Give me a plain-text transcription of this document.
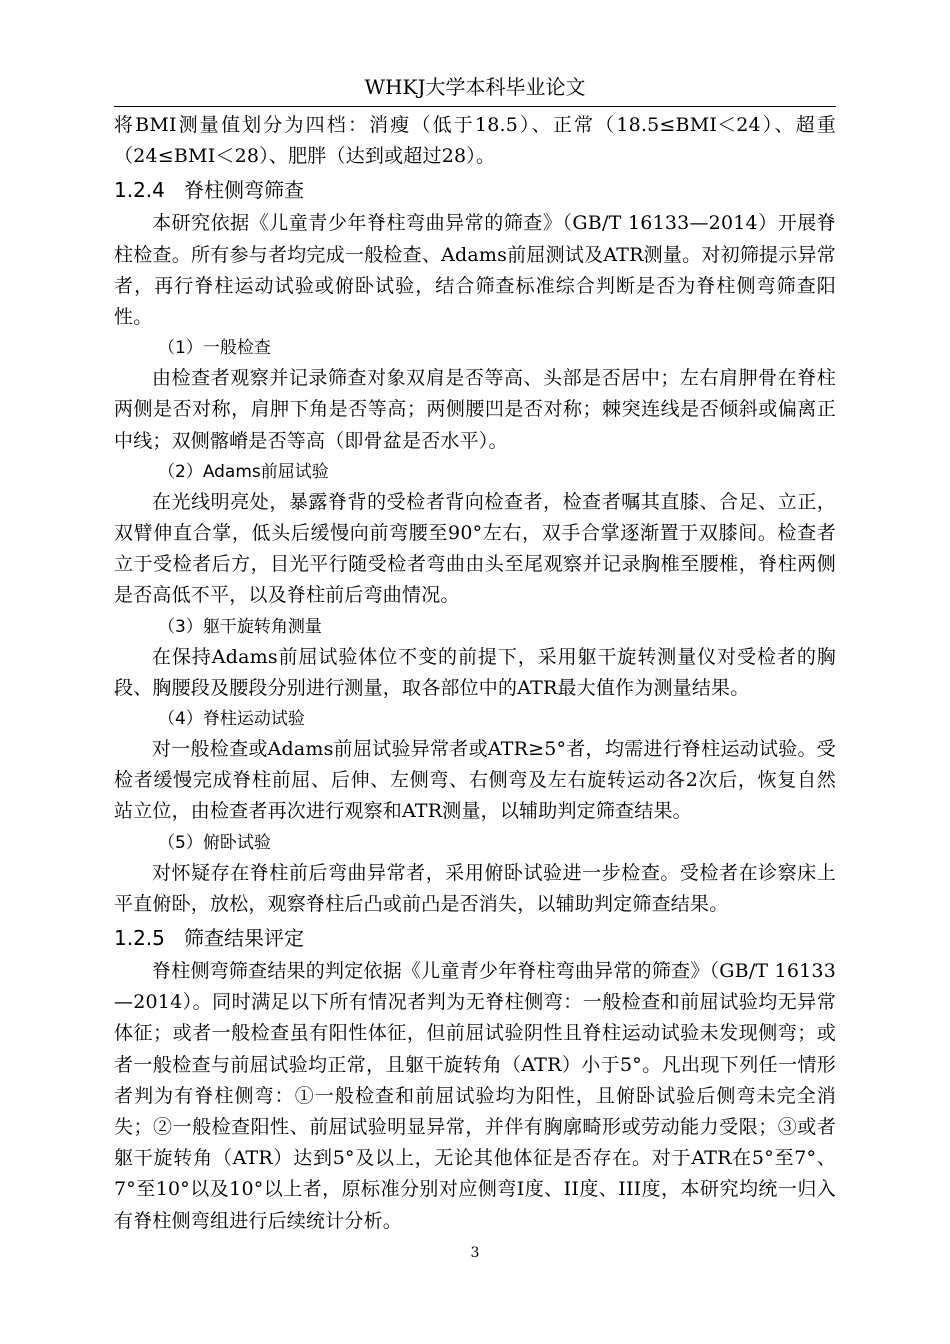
WHKJ大学本科毕业论文

将BMI测量值划分为四档：消瘦（低于18.5）、正常（18.5≤BMI＜24）、超重（24≤BMI＜28）、肥胖（达到或超过28）。

1.2.4 脊柱侧弯筛查

本研究依据《儿童青少年脊柱弯曲异常的筛查》（GB/T 16133—2014）开展脊柱检查。所有参与者均完成一般检查、Adams前屈测试及ATR测量。对初筛提示异常者，再行脊柱运动试验或俯卧试验，结合筛查标准综合判断是否为脊柱侧弯筛查阳性。

（1）一般检查

由检查者观察并记录筛查对象双肩是否等高、头部是否居中；左右肩胛骨在脊柱两侧是否对称，肩胛下角是否等高；两侧腰凹是否对称；棘突连线是否倾斜或偏离正中线；双侧髂嵴是否等高（即骨盆是否水平）。

（2）Adams前屈试验

在光线明亮处，暴露脊背的受检者背向检查者，检查者嘱其直膝、合足、立正，双臂伸直合掌，低头后缓慢向前弯腰至90°左右，双手合掌逐渐置于双膝间。检查者立于受检者后方，目光平行随受检者弯曲由头至尾观察并记录胸椎至腰椎，脊柱两侧是否高低不平，以及脊柱前后弯曲情况。

（3）躯干旋转角测量

在保持Adams前屈试验体位不变的前提下，采用躯干旋转测量仪对受检者的胸段、胸腰段及腰段分别进行测量，取各部位中的ATR最大值作为测量结果。

（4）脊柱运动试验

对一般检查或Adams前屈试验异常者或ATR≥5°者，均需进行脊柱运动试验。受检者缓慢完成脊柱前屈、后伸、左侧弯、右侧弯及左右旋转运动各2次后，恢复自然站立位，由检查者再次进行观察和ATR测量，以辅助判定筛查结果。

（5）俯卧试验

对怀疑存在脊柱前后弯曲异常者，采用俯卧试验进一步检查。受检者在诊察床上平直俯卧，放松，观察脊柱后凸或前凸是否消失，以辅助判定筛查结果。

1.2.5 筛查结果评定

脊柱侧弯筛查结果的判定依据《儿童青少年脊柱弯曲异常的筛查》（GB/T 16133—2014）。同时满足以下所有情况者判为无脊柱侧弯：一般检查和前屈试验均无异常体征；或者一般检查虽有阳性体征，但前屈试验阴性且脊柱运动试验未发现侧弯；或者一般检查与前屈试验均正常，且躯干旋转角（ATR）小于5°。凡出现下列任一情形者判为有脊柱侧弯：①一般检查和前屈试验均为阳性，且俯卧试验后侧弯未完全消失；②一般检查阳性、前屈试验明显异常，并伴有胸廓畸形或劳动能力受限；③或者躯干旋转角（ATR）达到5°及以上，无论其他体征是否存在。对于ATR在5°至7°、7°至10°以及10°以上者，原标准分别对应侧弯I度、II度、III度，本研究均统一归入有脊柱侧弯组进行后续统计分析。

3
